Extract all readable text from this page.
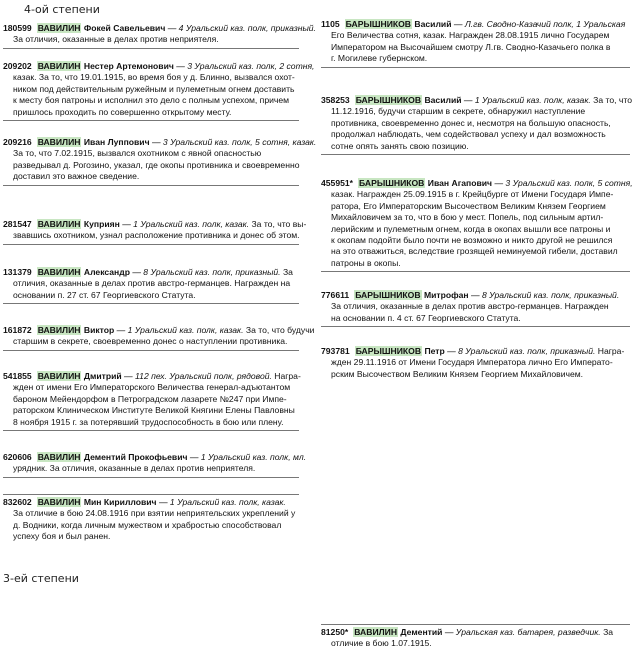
4-ой степени
180599 ВАВИЛИН Фокей Савельевич — 4 Уральский каз. полк, приказный.
За отличия, оказанные в делах против неприятеля.
209202 ВАВИЛИН Нестер Артемонович — 3 Уральский каз. полк, 2 сотня,
казак. За то, что 19.01.1915, во время боя у д. Блинно, вызвался охот-
ником под действительным ружейным и пулеметным огнем доставить
к месту боя патроны и исполнил это дело с полным успехом, причем
пришлось проходить по совершенно открытому месту.
209216 ВАВИЛИН Иван Луппович — 3 Уральский каз. полк, 5 сотня, казак.
За то, что 7.02.1915, вызвался охотником с явной опасностью
разведывал д. Рогозино, указал, где окопы противника и своевременно
доставил это важное сведение.
281547 ВАВИЛИН Куприян — 1 Уральский каз. полк, казак. За то, что вы-
звавшись охотником, узнал расположение противника и донес об этом.
131379 ВАВИЛИН Александр — 8 Уральский каз. полк, приказный. За
отличия, оказанные в делах против австро-германцев. Награжден на
основании п. 27 ст. 67 Георгиевского Статута.
161872 ВАВИЛИН Виктор — 1 Уральский каз. полк, казак. За то, что будучи
старшим в секрете, своевременно донес о наступлении противника.
541855 ВАВИЛИН Дмитрий — 112 пех. Уральский полк, рядовой. Награ-
жден от имени Его Императорского Величества генерал-адъютантом
бароном Мейендорфом в Петроградском лазарете №247 при Импе-
раторском Клиническом Институте Великой Княгини Елены Павловны
8 ноября 1915 г. за потерявший трудоспособность в бою или плену.
620606 ВАВИЛИН Дементий Прокофьевич — 1 Уральский каз. полк, мл.
урядник. За отличия, оказанные в делах против неприятеля.
832602 ВАВИЛИН Мин Кириллович — 1 Уральский каз. полк, казак.
За отличие в бою 24.08.1916 при взятии неприятельских укреплений у
д. Водники, когда личным мужеством и храбростью способствовал
успеху боя и был ранен.
3-ей степени
1105 БАРЫШНИКОВ Василий — Л.гв. Сводно-Казачий полк, 1 Уральская
Его Величества сотня, казак. Награжден 28.08.1915 лично Государем
Императором на Высочайшем смотру Л.гв. Сводно-Казачьего полка в
г. Могилеве губернском.
358253 БАРЫШНИКОВ Василий — 1 Уральский каз. полк, казак. За то, что
11.12.1916, будучи старшим в секрете, обнаружил наступление
противника, своевременно донес и, несмотря на большую опасность,
продолжал наблюдать, чем содействовал успеху и дал возможность
сотне опять занять свою позицию.
455951* БАРЫШНИКОВ Иван Агапович — 3 Уральский каз. полк, 5 сотня,
казак. Награжден 25.09.1915 в г. Крейцбурге от Имени Государя Импе-
ратора, Его Императорским Высочеством Великим Князем Георгием
Михайловичем за то, что в бою у мест. Попель, под сильным артил-
лерийским и пулеметным огнем, когда в окопах вышли все патроны и
к окопам подойти было почти не возможно и никто другой не решился
на это отважиться, вследствие грозящей неминуемой гибели, доставил
патроны в окопы.
776611 БАРЫШНИКОВ Митрофан — 8 Уральский каз. полк, приказный.
За отличия, оказанные в делах против австро-германцев. Награжден
на основании п. 4 ст. 67 Георгиевского Статута.
793781 БАРЫШНИКОВ Петр — 8 Уральский каз. полк, приказный. Награ-
жден 29.11.1916 от Имени Государя Императора лично Его Императо-
рским Высочеством Великим Князем Георгием Михайловичем.
81250* ВАВИЛИН Дементий — Уральская каз. батарея, разведчик. За
отличие в бою 1.07.1915.
